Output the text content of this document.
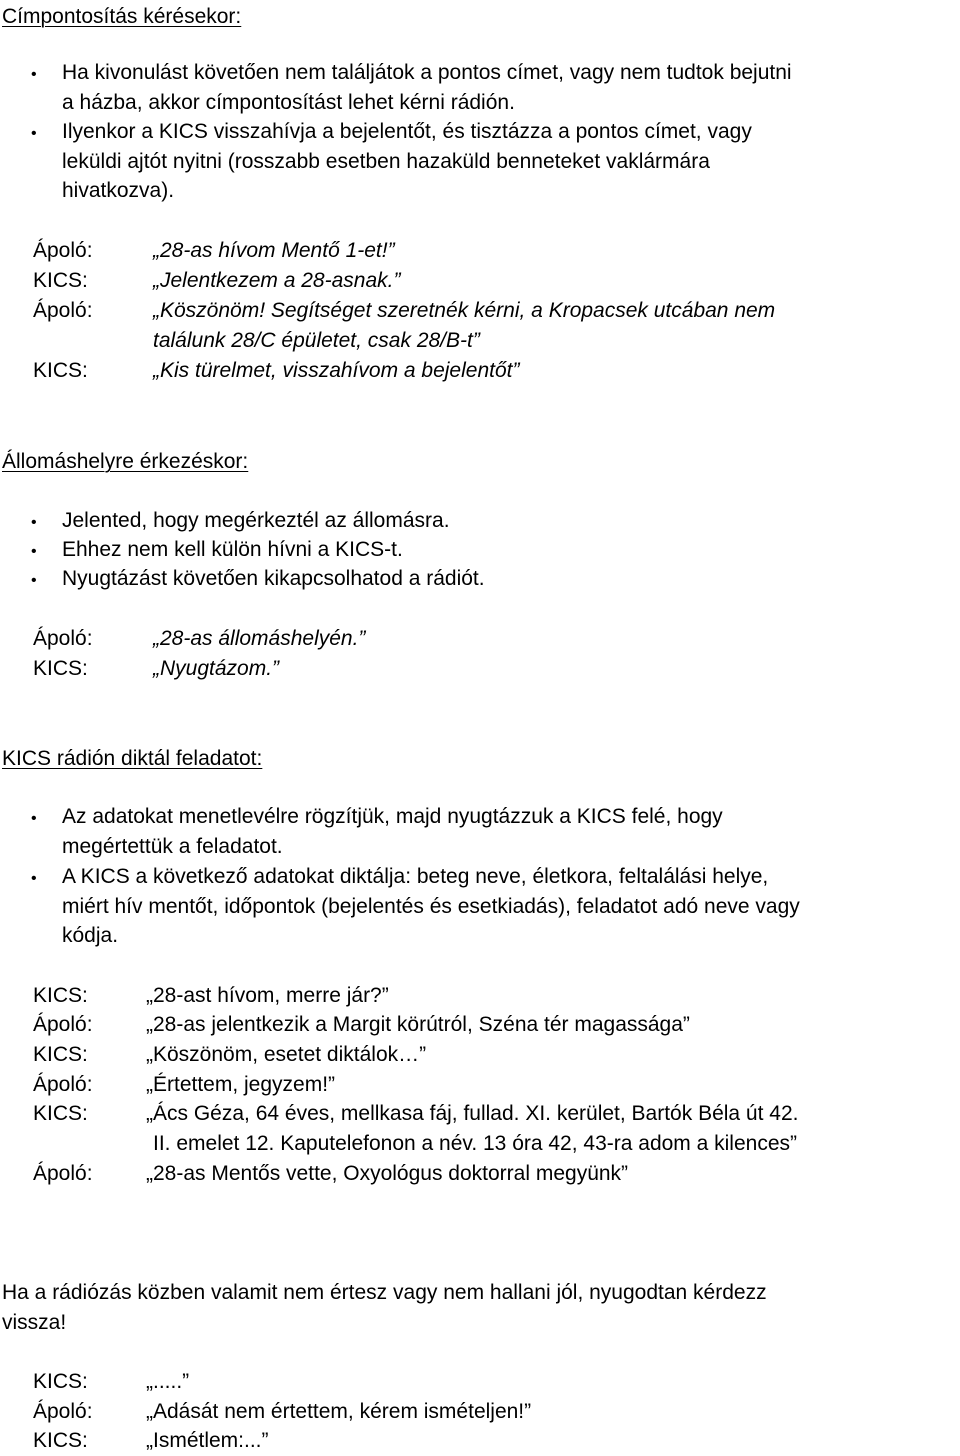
Címpontosítás kérésekor:
• Ha kivonulást követően nem találjátok a pontos címet, vagy nem tudtok bejutni
a házba, akkor címpontosítást lehet kérni rádión.
• Ilyenkor a KICS visszahívja a bejelentőt, és tisztázza a pontos címet, vagy
leküldi ajtót nyitni (rosszabb esetben hazaküld benneteket vaklármára
hivatkozva).
Ápoló:	„28-as hívom Mentő 1-et!”
KICS:	„Jelentkezem a 28-asnak.”
Ápoló:	„Köszönöm! Segítséget szeretnék kérni, a Kropacsek utcában nem
találunk 28/C épületet, csak 28/B-t”
KICS:	„Kis türelmet, visszahívom a bejelentőt”
Állomáshelyre érkezéskor:
• Jelented, hogy megérkeztél az állomásra.
• Ehhez nem kell külön hívni a KICS-t.
• Nyugtázást követően kikapcsolhatod a rádiót.
Ápoló:	„28-as állomáshelyén.”
KICS:	„Nyugtázom.”
KICS rádión diktál feladatot:
• Az adatokat menetlevélre rögzítjük, majd nyugtázzuk a KICS felé, hogy
megértettük a feladatot.
• A KICS a következő adatokat diktálja: beteg neve, életkora, feltalálási helye,
miért hív mentőt, időpontok (bejelentés és esetkiadás), feladatot adó neve vagy
kódja.
KICS:	„28-ast hívom, merre jár?”
Ápoló:	„28-as jelentkezik a Margit körútról, Széna tér magassága”
KICS:	„Köszönöm, esetet diktálok…”
Ápoló:	„Értettem, jegyzem!”
KICS:	„Ács Géza, 64 éves, mellkasa fáj, fullad. XI. kerület, Bartók Béla út 42.
II. emelet 12. Kaputelefonon a név. 13 óra 42, 43-ra adom a kilences”
Ápoló:	„28-as Mentős vette, Oxyológus doktorral megyünk”
Ha a rádiózás közben valamit nem értesz vagy nem hallani jól, nyugodtan kérdezz
vissza!
KICS:	„.....”
Ápoló:	„Adását nem értettem, kérem ismételjen!”
KICS:	„Ismétlem:...”
